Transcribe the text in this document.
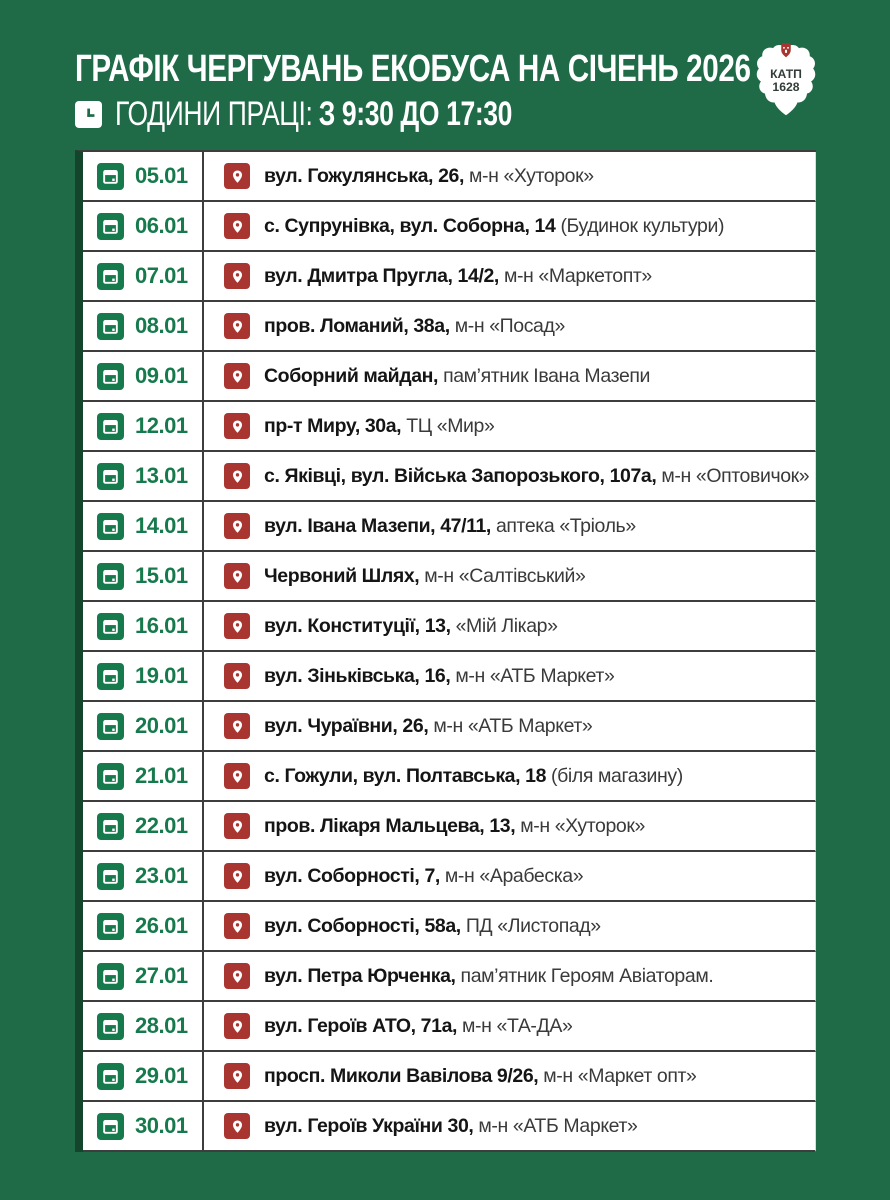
ГРАФІК ЧЕРГУВАНЬ ЕКОБУСА НА СІЧЕНЬ 2026
ГОДИНИ ПРАЦІ: З 9:30 ДО 17:30
КАТП
1628
05.01	вул. Гожулянська, 26, м-н «Хуторок»
06.01	с. Супрунівка, вул. Соборна, 14 (Будинок культури)
07.01	вул. Дмитра Пругла, 14/2, м-н «Маркетопт»
08.01	пров. Ломаний, 38а, м-н «Посад»
09.01	Соборний майдан, пам’ятник Івана Мазепи
12.01	пр-т Миру, 30а, ТЦ «Мир»
13.01	с. Яківці, вул. Війська Запорозького, 107а, м-н «Оптовичок»
14.01	вул. Івана Мазепи, 47/11, аптека «Тріоль»
15.01	Червоний Шлях, м-н «Салтівський»
16.01	вул. Конституції, 13, «Мій Лікар»
19.01	вул. Зіньківська, 16, м-н «АТБ Маркет»
20.01	вул. Чураївни, 26, м-н «АТБ Маркет»
21.01	с. Гожули, вул. Полтавська, 18 (біля магазину)
22.01	пров. Лікаря Мальцева, 13, м-н «Хуторок»
23.01	вул. Соборності, 7, м-н «Арабеска»
26.01	вул. Соборності, 58а, ПД «Листопад»
27.01	вул. Петра Юрченка, пам’ятник Героям Авіаторам.
28.01	вул. Героїв АТО, 71а, м-н «ТА-ДА»
29.01	просп. Миколи Вавілова 9/26, м-н «Маркет опт»
30.01	вул. Героїв України 30, м-н «АТБ Маркет»
